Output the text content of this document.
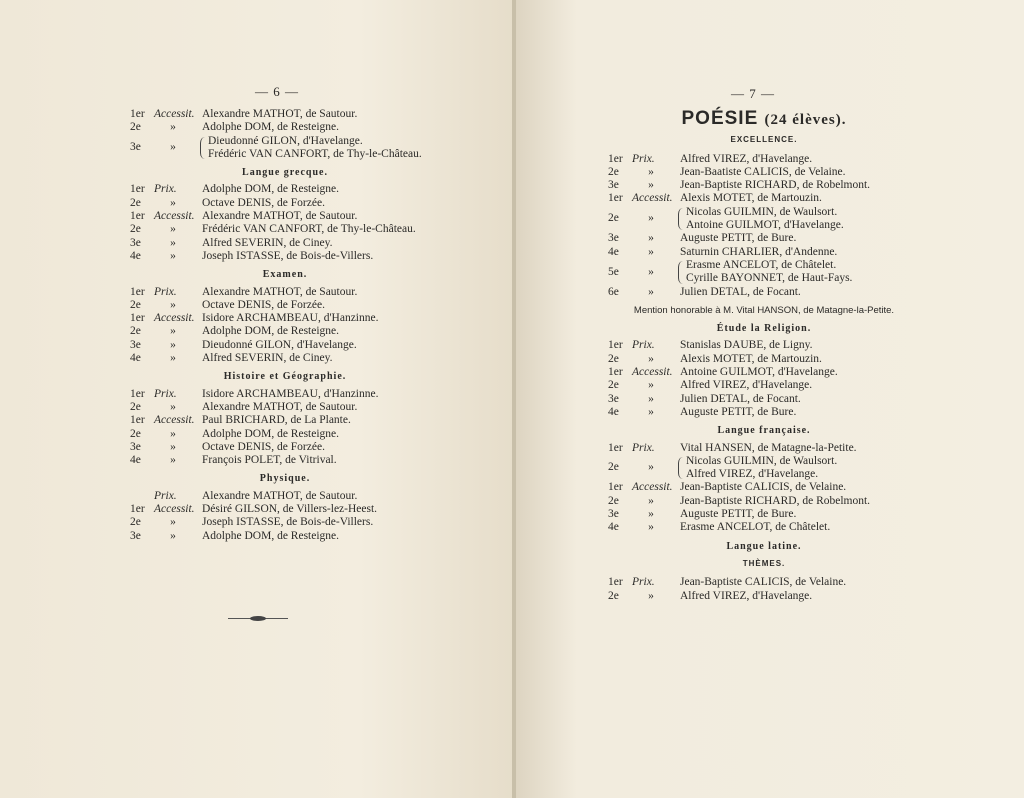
— 6 —
1er Accessit. Alexandre MATHOT, de Sautour.
2e	»	Adolphe DOM, de Resteigne.
3e	»
Dieudonné GILON, d'Havelange.
Frédéric VAN CANFORT, de Thy-le-Château.
Langue grecque.
1er Prix.	Adolphe DOM, de Resteigne.
2e	»	Octave DENIS, de Forzée.
1er Accessit. Alexandre MATHOT, de Sautour.
2e	»	Frédéric VAN CANFORT, de Thy-le-Château.
3e	»	Alfred SEVERIN, de Ciney.
4e	»	Joseph ISTASSE, de Bois-de-Villers.
Examen.
1er Prix.	Alexandre MATHOT, de Sautour.
2e	»	Octave DENIS, de Forzée.
1er Accessit. Isidore ARCHAMBEAU, d'Hanzinne.
2e	»	Adolphe DOM, de Resteigne.
3e	»	Dieudonné GILON, d'Havelange.
4e	»	Alfred SEVERIN, de Ciney.
Histoire et Géographie.
1er Prix.	Isidore ARCHAMBEAU, d'Hanzinne.
2e	»	Alexandre MATHOT, de Sautour.
1er Accessit. Paul BRICHARD, de La Plante.
2e	»	Adolphe DOM, de Resteigne.
3e	»	Octave DENIS, de Forzée.
4e	»	François POLET, de Vitrival.
Physique.
Prix.	Alexandre MATHOT, de Sautour.
1er Accessit. Désiré GILSON, de Villers-lez-Heest.
2e	»	Joseph ISTASSE, de Bois-de-Villers.
3e	»	Adolphe DOM, de Resteigne.
— 7 —
POÉSIE (24 élèves).
EXCELLENCE.
1er Prix.	Alfred VIREZ, d'Havelange.
2e	»	Jean-Baatiste CALICIS, de Velaine.
3e	»	Jean-Baptiste RICHARD, de Robelmont.
1er Accessit. Alexis MOTET, de Martouzin.
2e	»
Nicolas GUILMIN, de Waulsort.
Antoine GUILMOT, d'Havelange.
3e	»	Auguste PETIT, de Bure.
4e	»	Saturnin CHARLIER, d'Andenne.
5e	»
Erasme ANCELOT, de Châtelet.
Cyrille BAYONNET, de Haut-Fays.
6e	»	Julien DETAL, de Focant.
Mention honorable à M. Vital HANSON, de Matagne-la-Petite.
Étude la Religion.
1er Prix.	Stanislas DAUBE, de Ligny.
2e	»	Alexis MOTET, de Martouzin.
1er Accessit. Antoine GUILMOT, d'Havelange.
2e	»	Alfred VIREZ, d'Havelange.
3e	»	Julien DETAL, de Focant.
4e	»	Auguste PETIT, de Bure.
Langue française.
1er Prix.	Vital HANSEN, de Matagne-la-Petite.
2e	»
Nicolas GUILMIN, de Waulsort.
Alfred VIREZ, d'Havelange.
1er Accessit. Jean-Baptiste CALICIS, de Velaine.
2e	»	Jean-Baptiste RICHARD, de Robelmont.
3e	»	Auguste PETIT, de Bure.
4e	»	Erasme ANCELOT, de Châtelet.
Langue latine.
THÈMES.
1er Prix.	Jean-Baptiste CALICIS, de Velaine.
2e	»	Alfred VIREZ, d'Havelange.
